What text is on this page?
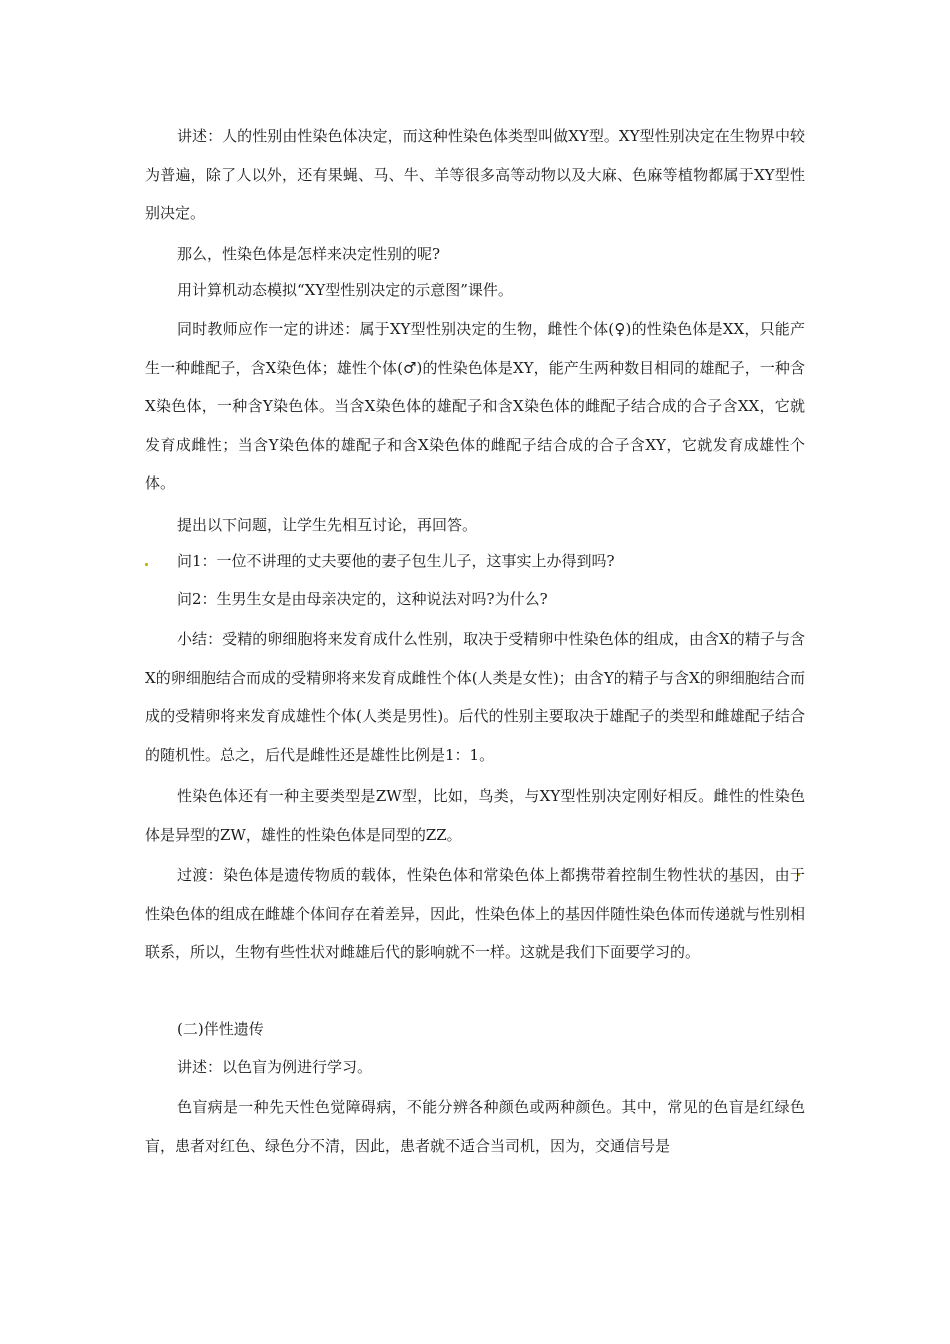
讲述：人的性别由性染色体决定，而这种性染色体类型叫做XY型。XY型性别决定在生物界中较为普遍，除了人以外，还有果蝇、马、牛、羊等很多高等动物以及大麻、色麻等植物都属于XY型性别决定。

那么，性染色体是怎样来决定性别的呢?

用计算机动态模拟“XY型性别决定的示意图”课件。

同时教师应作一定的讲述：属于XY型性别决定的生物，雌性个体(♀)的性染色体是XX，只能产生一种雌配子，含X染色体；雄性个体(♂)的性染色体是XY，能产生两种数目相同的雄配子，一种含X染色体，一种含Y染色体。当含X染色体的雄配子和含X染色体的雌配子结合成的合子含XX，它就发育成雌性；当含Y染色体的雄配子和含X染色体的雌配子结合成的合子含XY，它就发育成雄性个体。

提出以下问题，让学生先相互讨论，再回答。

问1：一位不讲理的丈夫要他的妻子包生儿子，这事实上办得到吗?

问2：生男生女是由母亲决定的，这种说法对吗?为什么?

小结：受精的卵细胞将来发育成什么性别，取决于受精卵中性染色体的组成，由含X的精子与含X的卵细胞结合而成的受精卵将来发育成雌性个体(人类是女性)；由含Y的精子与含X的卵细胞结合而成的受精卵将来发育成雄性个体(人类是男性)。后代的性别主要取决于雄配子的类型和雌雄配子结合的随机性。总之，后代是雌性还是雄性比例是1：1。

性染色体还有一种主要类型是ZW型，比如，鸟类，与XY型性别决定刚好相反。雌性的性染色体是异型的ZW，雄性的性染色体是同型的ZZ。

过渡：染色体是遗传物质的载体，性染色体和常染色体上都携带着控制生物性状的基因，由于性染色体的组成在雌雄个体间存在着差异，因此，性染色体上的基因伴随性染色体而传递就与性别相联系，所以，生物有些性状对雌雄后代的影响就不一样。这就是我们下面要学习的。

(二)伴性遗传

讲述：以色盲为例进行学习。

色盲病是一种先天性色觉障碍病，不能分辨各种颜色或两种颜色。其中，常见的色盲是红绿色盲，患者对红色、绿色分不清，因此，患者就不适合当司机，因为，交通信号是
